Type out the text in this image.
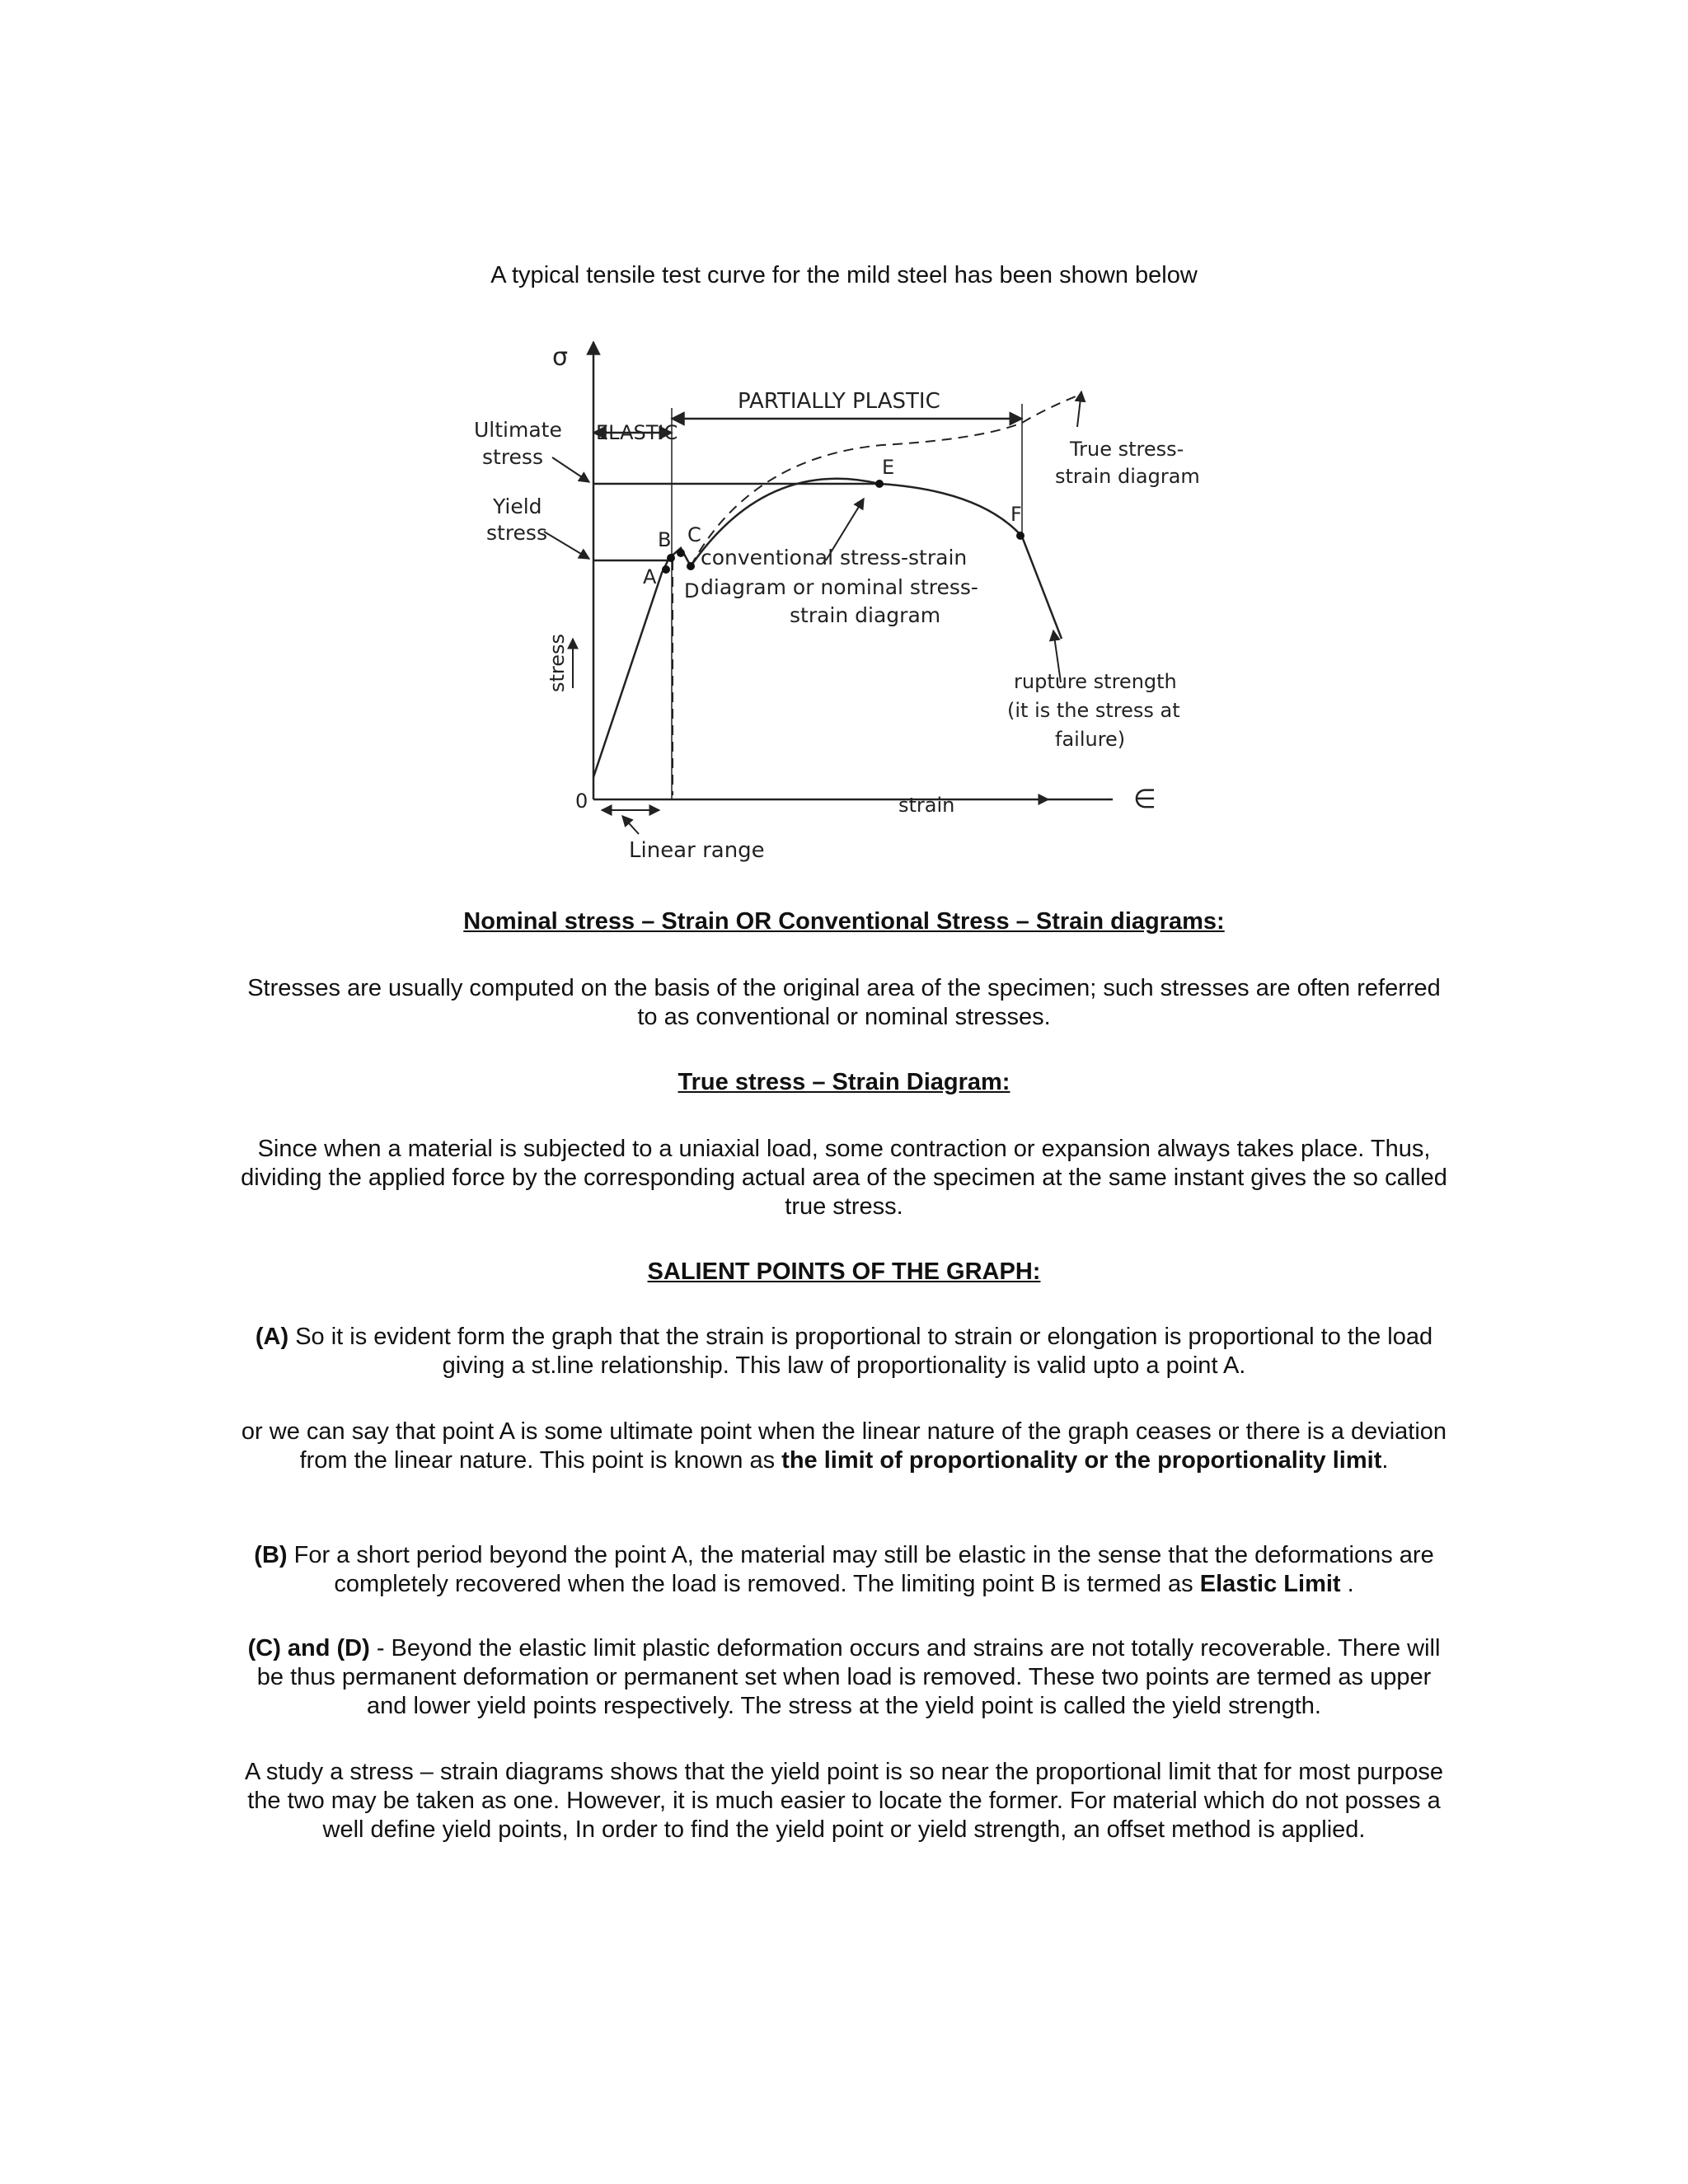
A typical tensile test curve for the mild steel has been shown below

σ
∈
0
Ultimate
stress
Yield
stress
ELASTIC
PARTIALLY PLASTIC
True stress-
strain diagram
conventional stress-strain
diagram or nominal stress-
strain diagram
rupture strength
(it is the stress at
failure)
stress
strain
Linear range
A
B C
D
E
F
Nominal stress – Strain OR Conventional Stress – Strain diagrams:

Stresses are usually computed on the basis of the original area of the specimen; such stresses are often referred to as conventional or nominal stresses.

True stress – Strain Diagram:

Since when a material is subjected to a uniaxial load, some contraction or expansion always takes place. Thus, dividing the applied force by the corresponding actual area of the specimen at the same instant gives the so called true stress.

SALIENT POINTS OF THE GRAPH:

(A) So it is evident form the graph that the strain is proportional to strain or elongation is proportional to the load giving a st.line relationship. This law of proportionality is valid upto a point A.

or we can say that point A is some ultimate point when the linear nature of the graph ceases or there is a deviation from the linear nature. This point is known as the limit of proportionality or the proportionality limit.

(B) For a short period beyond the point A, the material may still be elastic in the sense that the deformations are completely recovered when the load is removed. The limiting point B is termed as Elastic Limit .

(C) and (D) - Beyond the elastic limit plastic deformation occurs and strains are not totally recoverable. There will be thus permanent deformation or permanent set when load is removed. These two points are termed as upper and lower yield points respectively. The stress at the yield point is called the yield strength.

A study a stress – strain diagrams shows that the yield point is so near the proportional limit that for most purpose the two may be taken as one. However, it is much easier to locate the former. For material which do not posses a well define yield points, In order to find the yield point or yield strength, an offset method is applied.
